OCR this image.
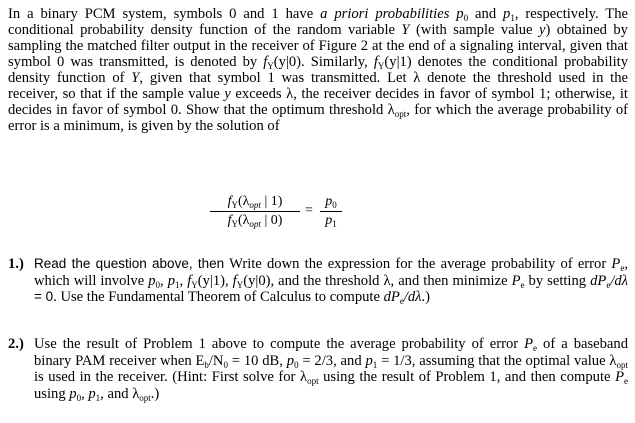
In a binary PCM system, symbols 0 and 1 have a priori probabilities $p_0$ and $p_1$, respectively. The conditional probability density function of the random variable Y (with sample value y) obtained by sampling the matched filter output in the receiver of Figure 2 at the end of a signaling interval, given that symbol 0 was transmitted, is denoted by $f_Y(y|0)$. Similarly, $f_Y(y|1)$ denotes the conditional probability density function of Y, given that symbol 1 was transmitted. Let λ denote the threshold used in the receiver, so that if the sample value y exceeds λ, the receiver decides in favor of symbol 1; otherwise, it decides in favor of symbol 0. Show that the optimum threshold $\lambda_{opt}$, for which the average probability of error is a minimum, is given by the solution of

$f_Y(\lambda_{opt}$ | 1)
$f_Y(\lambda_{opt}$ | 0)
=
$p_0$
$p_1$
1.) Read the question above, then Write down the expression for the average probability of error $P_e$, which will involve $p_0$, $p_1$, $f_Y(y|1)$, $f_Y(y|0)$, and the threshold λ, and then minimize $P_e$ by setting $dP_e/d\lambda = 0$. Use the Fundamental Theorem of Calculus to compute $dP_e/d\lambda$.)
2.) Use the result of Problem 1 above to compute the average probability of error $P_e$ of a baseband binary PAM receiver when $E_b/N_0 = 10$ dB, $p_0 = 2/3$, and $p_1 = 1/3$, assuming that the optimal value $\lambda_{opt}$ is used in the receiver. (Hint: First solve for $\lambda_{opt}$ using the result of Problem 1, and then compute $P_e$ using $p_0$, $p_1$, and $\lambda_{opt}$.)
